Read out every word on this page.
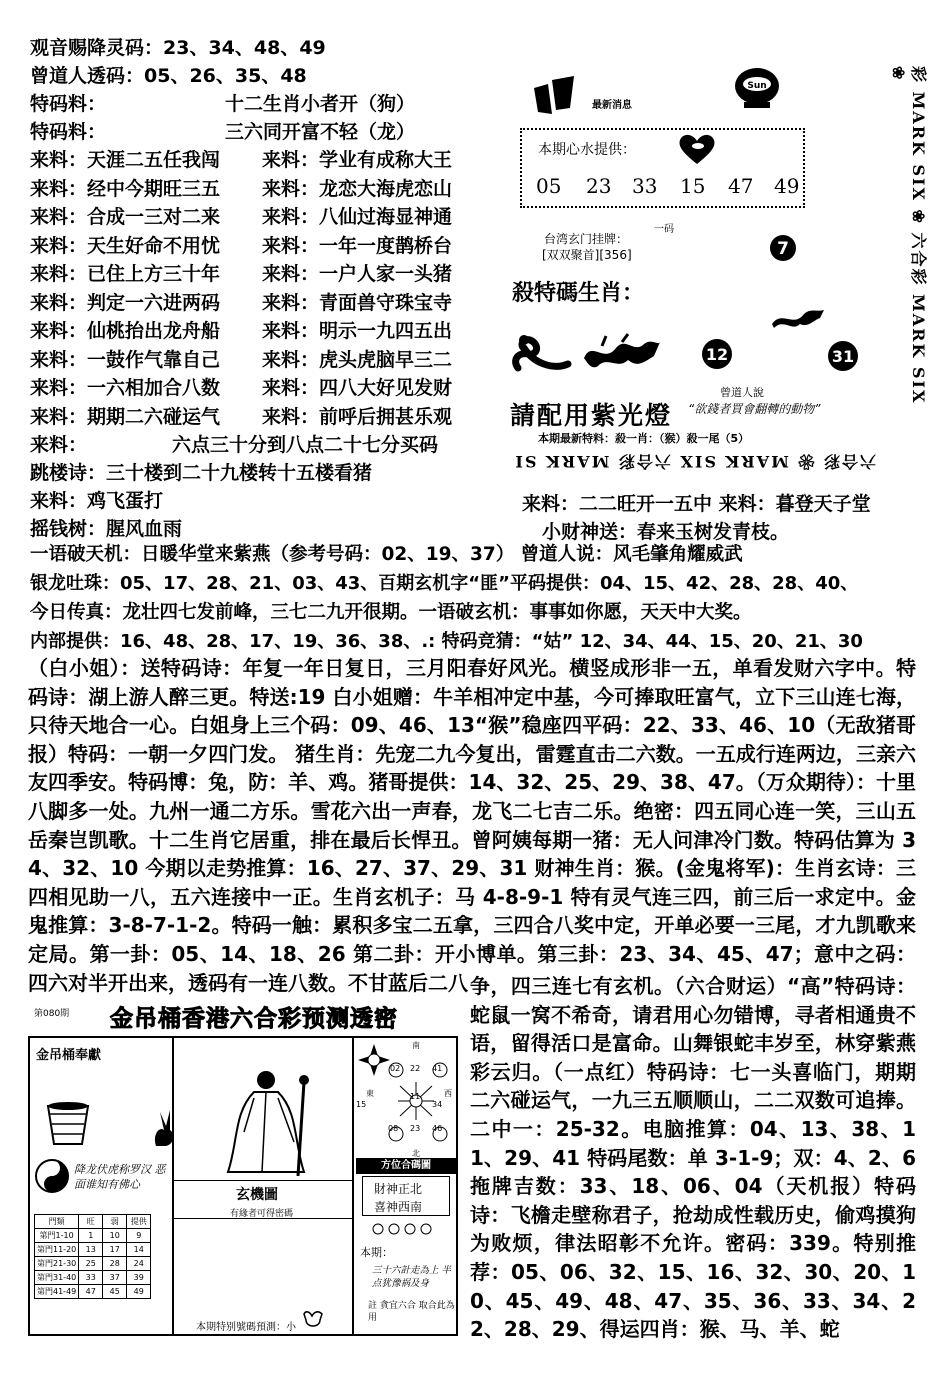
观音赐降灵码：23、34、48、49
曾道人透码：05、26、35、48
特码料：	十二生肖小者开（狗）
特码料：	三六同开富不轻（龙）
来料：天涯二五任我闯 来料：学业有成称大王
来料：经中今期旺三五 来料：龙恋大海虎恋山
来料：合成一三对二来 来料：八仙过海显神通
来料：天生好命不用忧 来料：一年一度鹊桥台
来料：已住上方三十年 来料：一户人家一头猪
来料：判定一六进两码 来料：青面兽守珠宝寺
来料：仙桃抬出龙舟船 来料：明示一九四五出
来料：一鼓作气靠自己 来料：虎头虎脑早三二
来料：一六相加合八数 来料：四八大好见发财
来料：期期二六碰运气 来料：前呼后拥甚乐观
来料：	六点三十分到八点二十七分买码
跳楼诗：三十楼到二十九楼转十五楼看猪
来料：鸡飞蛋打
摇钱树：腥风血雨
来料：二二旺开一五中 来料：暮登天子堂
小财神送：春来玉树发青枝。
最新消息
Sun
本期心水提供：
05 23 33 15 47 49
一码
台湾玄门挂牌：
[双双聚首][356]	7
殺特碼生肖：
12	31
請配用紫光燈
曾道人說
“欲錢者買會翻轉的動物”
本期最新特料：殺一肖：（猴）殺一尾（5）
六合彩 ❀ MARK SIX 六合彩 MARK SI
彩 MARK SIX ❀ 六合彩 MARK SIX ❀
一语破天机：日暖华堂来紫燕（参考号码：02、19、37） 曾道人说：风毛肇角耀威武
银龙吐珠：05、17、28、21、03、43、百期玄机字“匪”平码提供：04、15、42、28、28、40、
今日传真：龙壮四七发前峰，三七二九开很期。一语破玄机：事事如你愿，天天中大奖。
内部提供：16、48、28、17、19、36、38、.: 特码竞猜：“姑” 12、34、44、15、20、21、30
（白小姐）：送特码诗：年复一年日复日，三月阳春好风光。横竖成形非一五，单看发财六字中。特码诗：湖上游人醉三更。特送:19 白小姐赠：牛羊相冲定中基，今可捧取旺富气，立下三山连七海，只待天地合一心。白姐身上三个码：09、46、13“猴”稳座四平码：22、33、46、10（无敌猪哥报）特码：一朝一夕四门发。 猪生肖：先宠二九今复出，雷霆直击二六数。一五成行连两边，三亲六友四季安。特码博：兔，防：羊、鸡。猪哥提供：14、32、25、29、38、47。（万众期待）：十里八脚多一处。九州一通二方乐。雪花六出一声春，龙飞二七吉二乐。绝密：四五同心连一笑，三山五岳秦岂凯歌。十二生肖它居重，排在最后长悍丑。曾阿姨每期一猪：无人问津冷门数。特码估算为 34、32、10 今期以走势推算：16、27、37、29、31 财神生肖：猴。(金鬼将军)：生肖玄诗：三四相见助一八，五六连接中一正。生肖玄机子：马 4-8-9-1 特有灵气连三四，前三后一求定中。金鬼推算：3-8-7-1-2。特码一触：累积多宝二五拿，三四合八奖中定，开单必要一三尾，才九凯歌来定局。第一卦：05、14、18、26 第二卦：开小博单。第三卦：23、34、45、47；意中之码：四六对半开出来，透码有一连八数。不甘蓝后二八 争，四三连七有玄机。（六合财运）“高”特码诗：蛇鼠一窝不希奇，请君用心勿错博，寻者相通贵不语，留得活口是富命。山舞银蛇丰岁至，林穿紫燕彩云归。（一点红）特码诗：七一头喜临门，期期二六碰运气，一九三五顺顺山，二二双数可追捧。二中一：25-32。电脑推算：04、13、38、11、29、41 特码尾数：单 3-1-9；双：4、2、6 拖牌吉数：33、18、06、04（天机报）特码诗：飞檐走壁称君子，抢劫成性载历史，偷鸡摸狗为败烦，律法昭彰不允许。密码：339。特别推荐：05、06、32、15、16、32、30、20、10、45、49、48、47、35、36、33、34、22、28、29、得运四肖：猴、马、羊、蛇
第080期 金吊桶香港六合彩预测透密
金吊桶奉獻
降龙伏虎称罗汉 恶面谁知有佛心
門類	旺	弱	提供
第門1-10	1	10	9
第門11-20	13	17	14
第門21-30	25	28	24
第門31-40	33	37	39
第門41-49	47	45	49
玄機圖
有緣者可得密碼
本期特别號碼預測：小
02 22 41
15
11
34
08 23 46
南
北
東	西
方位合碼圖
財神正北
喜神西南
本期：
三十六計走為上 半点犹豫祸及身
註 貪宜六合 取合此為用
